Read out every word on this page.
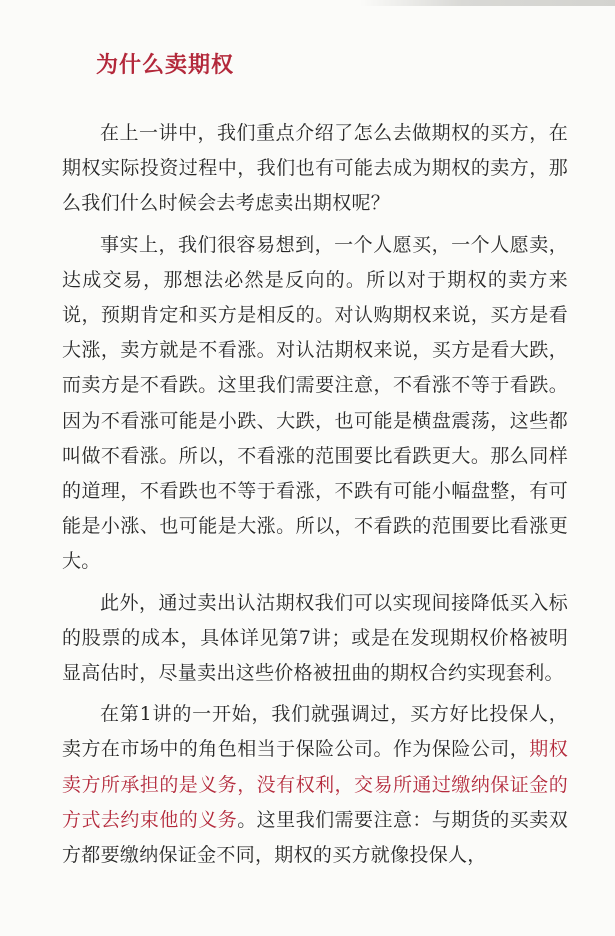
为什么卖期权

在上一讲中，我们重点介绍了怎么去做期权的买方，在期权实际投资过程中，我们也有可能去成为期权的卖方，那么我们什么时候会去考虑卖出期权呢？

事实上，我们很容易想到，一个人愿买，一个人愿卖，达成交易，那想法必然是反向的。所以对于期权的卖方来说，预期肯定和买方是相反的。对认购期权来说，买方是看大涨，卖方就是不看涨。对认沽期权来说，买方是看大跌，而卖方是不看跌。这里我们需要注意，不看涨不等于看跌。因为不看涨可能是小跌、大跌，也可能是横盘震荡，这些都叫做不看涨。所以，不看涨的范围要比看跌更大。那么同样的道理，不看跌也不等于看涨，不跌有可能小幅盘整，有可能是小涨、也可能是大涨。所以，不看跌的范围要比看涨更大。

此外，通过卖出认沽期权我们可以实现间接降低买入标的股票的成本，具体详见第7讲；或是在发现期权价格被明显高估时，尽量卖出这些价格被扭曲的期权合约实现套利。

在第1讲的一开始，我们就强调过，买方好比投保人，卖方在市场中的角色相当于保险公司。作为保险公司，期权卖方所承担的是义务，没有权利，交易所通过缴纳保证金的方式去约束他的义务。这里我们需要注意：与期货的买卖双方都要缴纳保证金不同，期权的买方就像投保人，
